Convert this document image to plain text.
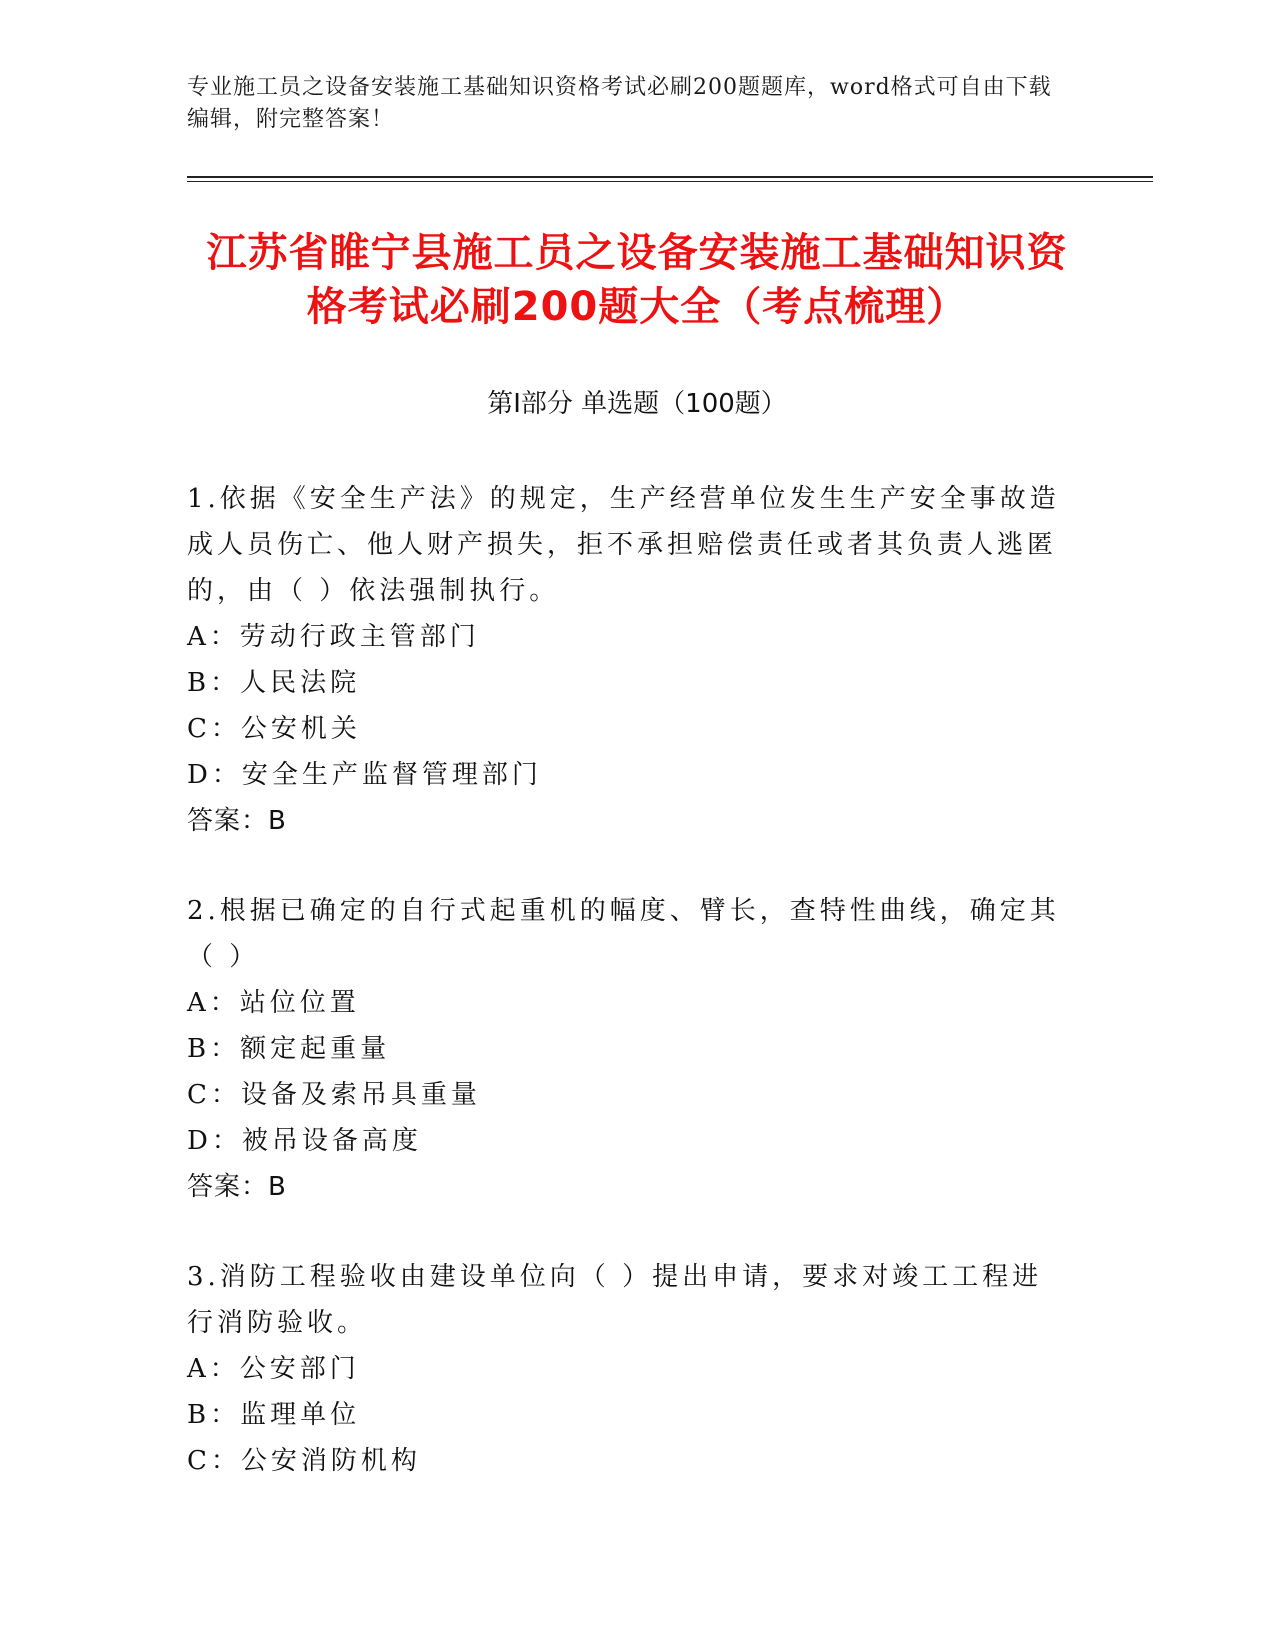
专业施工员之设备安装施工基础知识资格考试必刷200题题库，word格式可自由下载编辑，附完整答案！
江苏省睢宁县施工员之设备安装施工基础知识资格考试必刷200题大全（考点梳理）
第Ⅰ部分 单选题（100题）
1.依据《安全生产法》的规定，生产经营单位发生生产安全事故造成人员伤亡、他人财产损失，拒不承担赔偿责任或者其负责人逃匿的，由（ ）依法强制执行。
A：劳动行政主管部门
B：人民法院
C：公安机关
D：安全生产监督管理部门
答案：B
2.根据已确定的自行式起重机的幅度、臂长，查特性曲线，确定其（ ）
A：站位位置
B：额定起重量
C：设备及索吊具重量
D：被吊设备高度
答案：B
3.消防工程验收由建设单位向（ ）提出申请，要求对竣工工程进行消防验收。
A：公安部门
B：监理单位
C：公安消防机构
